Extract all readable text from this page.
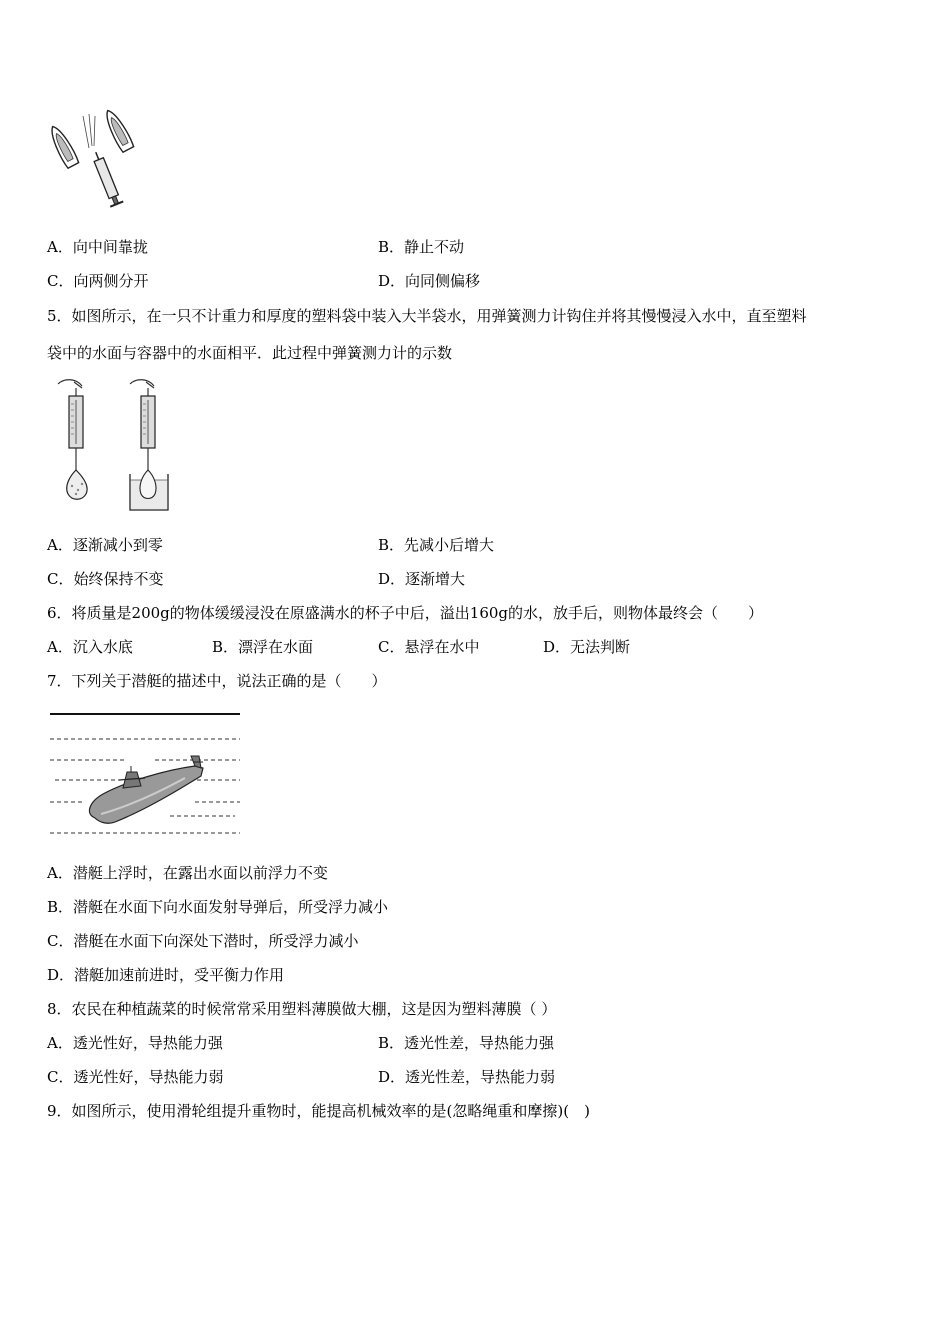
A．向中间靠拢	B．静止不动
C．向两侧分开	D．向同侧偏移
5．如图所示，在一只不计重力和厚度的塑料袋中装入大半袋水，用弹簧测力计钩住并将其慢慢浸入水中，直至塑料
袋中的水面与容器中的水面相平．此过程中弹簧测力计的示数
A．逐渐减小到零	B．先减小后增大
C．始终保持不变	D．逐渐增大
6．将质量是200g的物体缓缓浸没在原盛满水的杯子中后，溢出160g的水，放手后，则物体最终会（　　）
A．沉入水底	B．漂浮在水面	C．悬浮在水中	D．无法判断
7．下列关于潜艇的描述中，说法正确的是（　　）
A．潜艇上浮时，在露出水面以前浮力不变
B．潜艇在水面下向水面发射导弹后，所受浮力减小
C．潜艇在水面下向深处下潜时，所受浮力减小
D．潜艇加速前进时，受平衡力作用
8．农民在种植蔬菜的时候常常采用塑料薄膜做大棚，这是因为塑料薄膜（ ）
A．透光性好，导热能力强	B．透光性差，导热能力强
C．透光性好，导热能力弱	D．透光性差，导热能力弱
9．如图所示，使用滑轮组提升重物时，能提高机械效率的是(忽略绳重和摩擦)(　)
